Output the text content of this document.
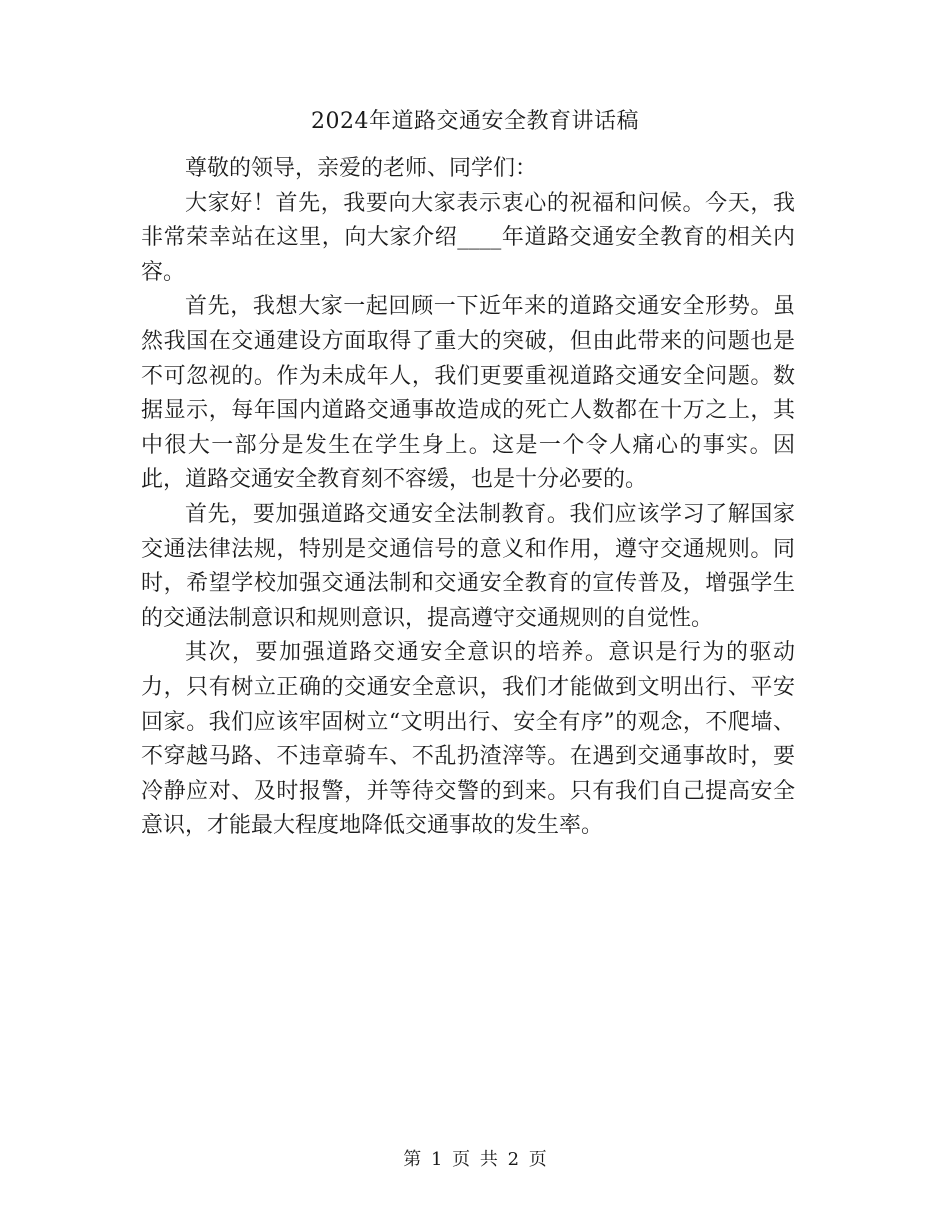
2024年道路交通安全教育讲话稿

尊敬的领导，亲爱的老师、同学们：

大家好！首先，我要向大家表示衷心的祝福和问候。今天，我非常荣幸站在这里，向大家介绍____年道路交通安全教育的相关内容。

首先，我想大家一起回顾一下近年来的道路交通安全形势。虽然我国在交通建设方面取得了重大的突破，但由此带来的问题也是不可忽视的。作为未成年人，我们更要重视道路交通安全问题。数据显示，每年国内道路交通事故造成的死亡人数都在十万之上，其中很大一部分是发生在学生身上。这是一个令人痛心的事实。因此，道路交通安全教育刻不容缓，也是十分必要的。

首先，要加强道路交通安全法制教育。我们应该学习了解国家交通法律法规，特别是交通信号的意义和作用，遵守交通规则。同时，希望学校加强交通法制和交通安全教育的宣传普及，增强学生的交通法制意识和规则意识，提高遵守交通规则的自觉性。

其次，要加强道路交通安全意识的培养。意识是行为的驱动力，只有树立正确的交通安全意识，我们才能做到文明出行、平安回家。我们应该牢固树立“文明出行、安全有序”的观念，不爬墙、不穿越马路、不违章骑车、不乱扔渣滓等。在遇到交通事故时，要冷静应对、及时报警，并等待交警的到来。只有我们自己提高安全意识，才能最大程度地降低交通事故的发生率。

第 1 页 共 2 页
